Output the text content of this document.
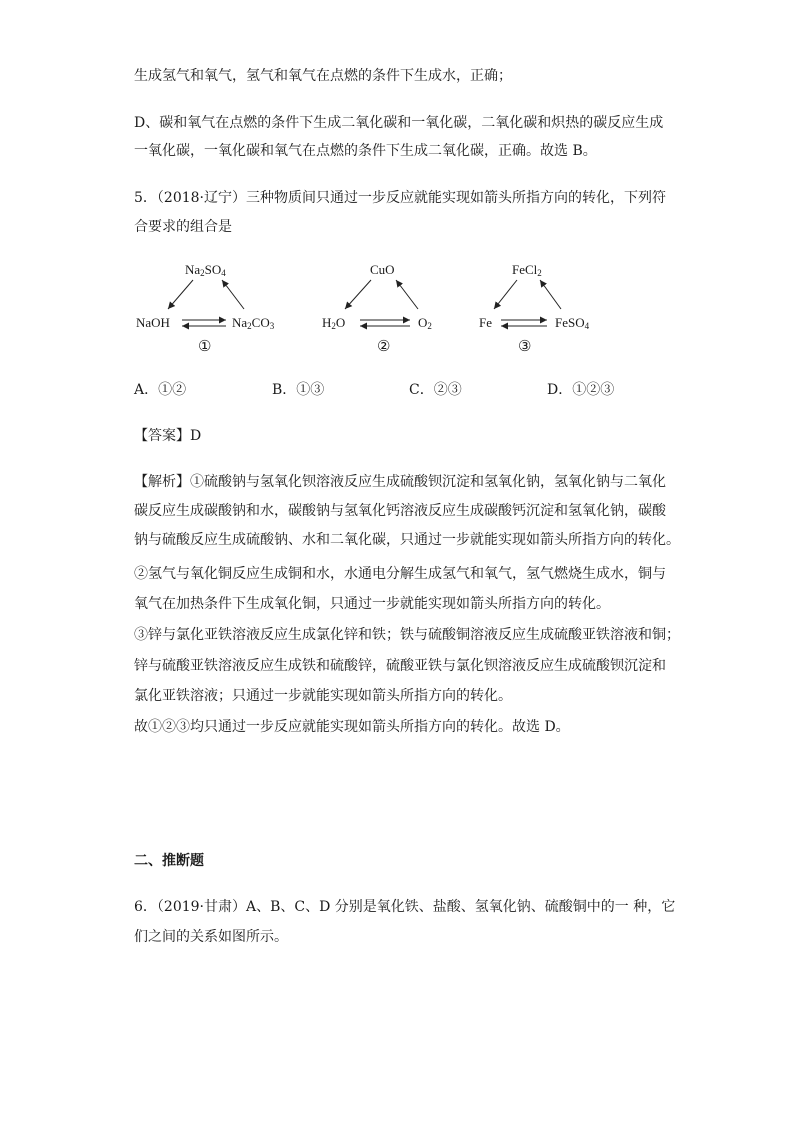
生成氢气和氧气，氢气和氧气在点燃的条件下生成水，正确；
D、碳和氧气在点燃的条件下生成二氧化碳和一氧化碳，二氧化碳和炽热的碳反应生成
一氧化碳，一氧化碳和氧气在点燃的条件下生成二氧化碳，正确。故选 B。
5．（2018·辽宁）三种物质间只通过一步反应就能实现如箭头所指方向的转化，下列符
合要求的组合是
$Na_2SO_4$
NaOH	$Na_2CO_3$
①
CuO
$H_2O$	$O_2$
②
FeCl$_2$
Fe	FeSO$_4$
③
A．①②	B．①③	C．②③	D．①②③
【答案】D
【解析】①硫酸钠与氢氧化钡溶液反应生成硫酸钡沉淀和氢氧化钠，氢氧化钠与二氧化
碳反应生成碳酸钠和水，碳酸钠与氢氧化钙溶液反应生成碳酸钙沉淀和氢氧化钠，碳酸
钠与硫酸反应生成硫酸钠、水和二氧化碳，只通过一步就能实现如箭头所指方向的转化。
②氢气与氧化铜反应生成铜和水，水通电分解生成氢气和氧气，氢气燃烧生成水，铜与
氧气在加热条件下生成氧化铜，只通过一步就能实现如箭头所指方向的转化。
③锌与氯化亚铁溶液反应生成氯化锌和铁；铁与硫酸铜溶液反应生成硫酸亚铁溶液和铜；
锌与硫酸亚铁溶液反应生成铁和硫酸锌，硫酸亚铁与氯化钡溶液反应生成硫酸钡沉淀和
氯化亚铁溶液；只通过一步就能实现如箭头所指方向的转化。
故①②③均只通过一步反应就能实现如箭头所指方向的转化。故选 D。
二、推断题
6．（2019·甘肃）A、B、C、D 分别是氧化铁、盐酸、氢氧化钠、硫酸铜中的一 种，它
们之间的关系如图所示。
